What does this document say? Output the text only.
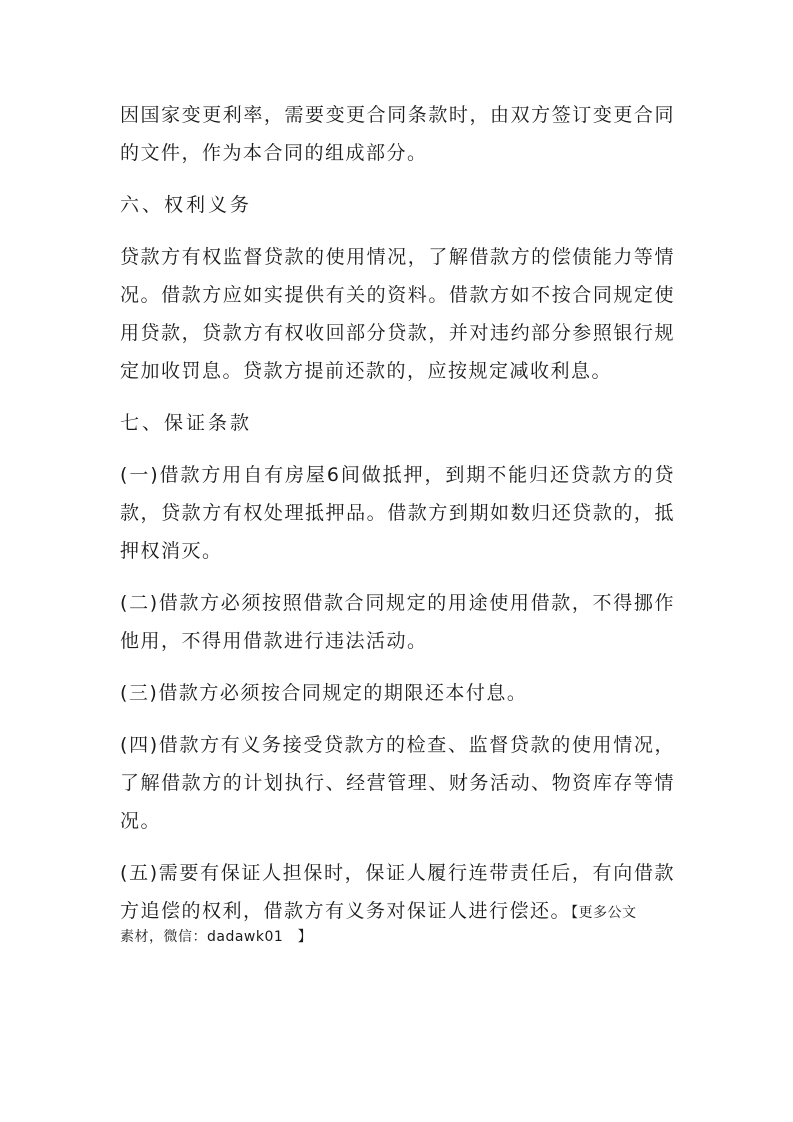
因国家变更利率，需要变更合同条款时，由双方签订变更合同的文件，作为本合同的组成部分。

六、权利义务

贷款方有权监督贷款的使用情况，了解借款方的偿债能力等情况。借款方应如实提供有关的资料。借款方如不按合同规定使用贷款，贷款方有权收回部分贷款，并对违约部分参照银行规定加收罚息。贷款方提前还款的，应按规定减收利息。

七、保证条款

(一)借款方用自有房屋6间做抵押，到期不能归还贷款方的贷款，贷款方有权处理抵押品。借款方到期如数归还贷款的，抵押权消灭。

(二)借款方必须按照借款合同规定的用途使用借款，不得挪作他用，不得用借款进行违法活动。

(三)借款方必须按合同规定的期限还本付息。

(四)借款方有义务接受贷款方的检查、监督贷款的使用情况，了解借款方的计划执行、经营管理、财务活动、物资库存等情况。

(五)需要有保证人担保时，保证人履行连带责任后，有向借款方追偿的权利，借款方有义务对保证人进行偿还。【更多公文

素材，微信：dadawk01　】
